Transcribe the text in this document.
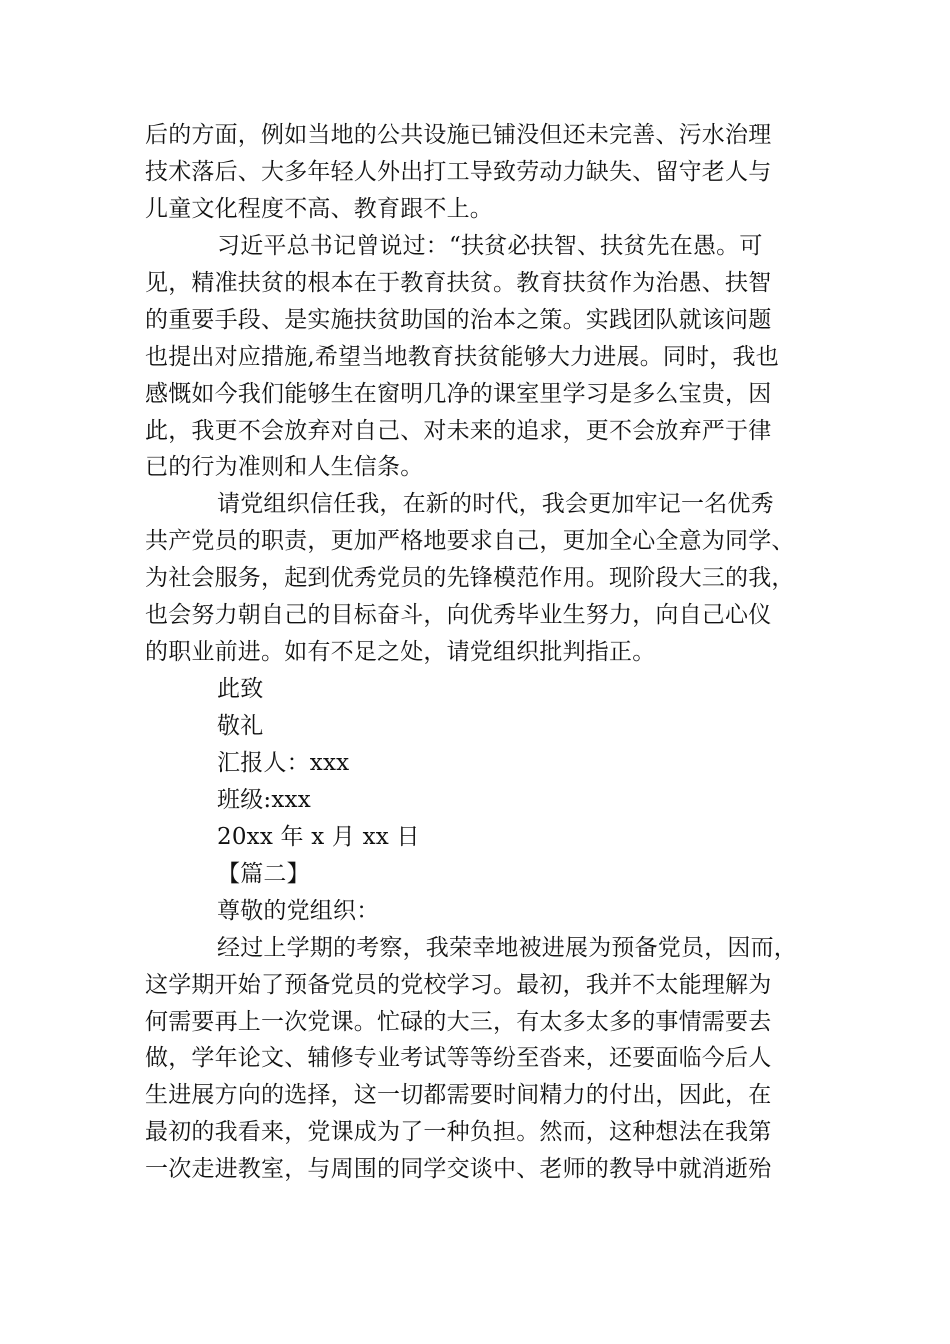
后的方面，例如当地的公共设施已铺没但还未完善、污水治理
技术落后、大多年轻人外出打工导致劳动力缺失、留守老人与
儿童文化程度不高、教育跟不上。
习近平总书记曾说过：“扶贫必扶智、扶贫先在愚。可
见，精准扶贫的根本在于教育扶贫。教育扶贫作为治愚、扶智
的重要手段、是实施扶贫助国的治本之策。实践团队就该问题
也提出对应措施,希望当地教育扶贫能够大力进展。同时，我也
感慨如今我们能够生在窗明几净的课室里学习是多么宝贵，因
此，我更不会放弃对自己、对未来的追求，更不会放弃严于律
已的行为准则和人生信条。
请党组织信任我，在新的时代，我会更加牢记一名优秀
共产党员的职责，更加严格地要求自己，更加全心全意为同学、
为社会服务，起到优秀党员的先锋模范作用。现阶段大三的我，
也会努力朝自己的目标奋斗，向优秀毕业生努力，向自己心仪
的职业前进。如有不足之处，请党组织批判指正。
此致
敬礼
汇报人：xxx
班级:xxx
20xx 年 x 月 xx 日
【篇二】
尊敬的党组织：
经过上学期的考察，我荣幸地被进展为预备党员，因而，
这学期开始了预备党员的党校学习。最初，我并不太能理解为
何需要再上一次党课。忙碌的大三，有太多太多的事情需要去
做，学年论文、辅修专业考试等等纷至沓来，还要面临今后人
生进展方向的选择，这一切都需要时间精力的付出，因此，在
最初的我看来，党课成为了一种负担。然而，这种想法在我第
一次走进教室，与周围的同学交谈中、老师的教导中就消逝殆
